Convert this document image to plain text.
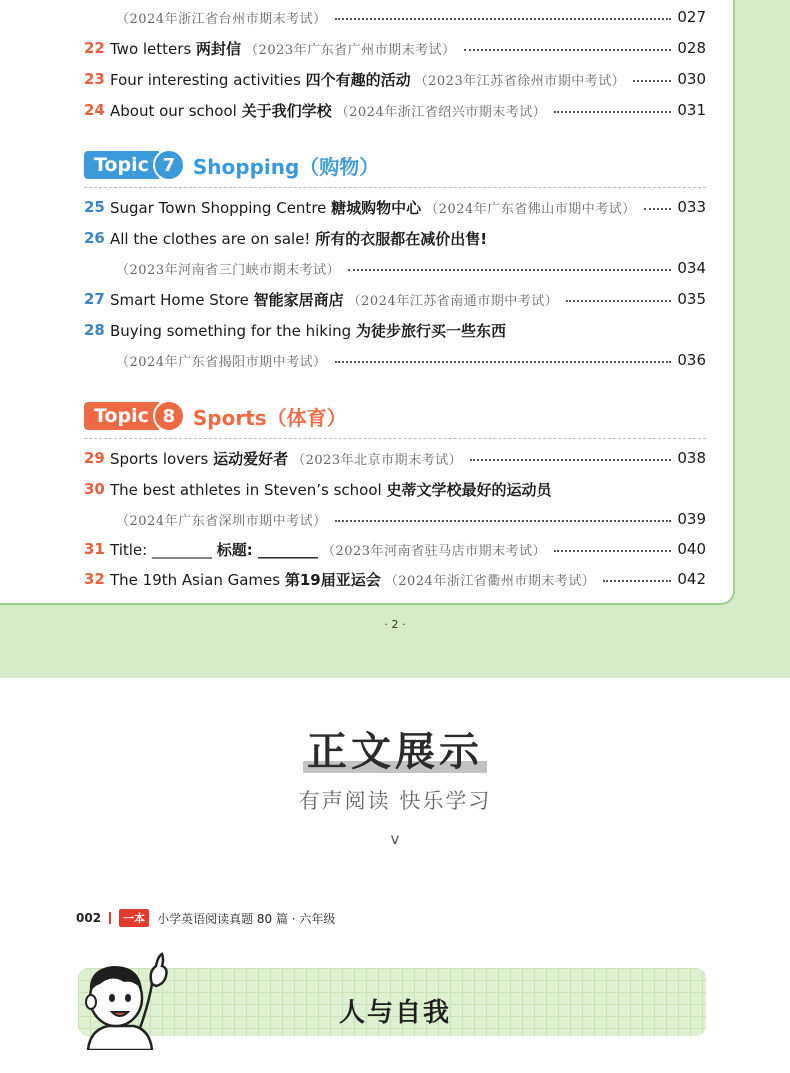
（2024年浙江省台州市期末考试）	027
22 Two letters 两封信 （2023年广东省广州市期末考试）	028
23 Four interesting activities 四个有趣的活动 （2023年江苏省徐州市期中考试）	030
24 About our school 关于我们学校 （2024年浙江省绍兴市期末考试）	031
Topic 7 Shopping（购物）
25 Sugar Town Shopping Centre 糖城购物中心 （2024年广东省佛山市期中考试）	033
26 All the clothes are on sale! 所有的衣服都在减价出售!
（2023年河南省三门峡市期末考试）	034
27 Smart Home Store 智能家居商店 （2024年江苏省南通市期中考试）	035
28 Buying something for the hiking 为徒步旅行买一些东西
（2024年广东省揭阳市期中考试）	036
Topic 8 Sports（体育）
29 Sports lovers 运动爱好者 （2023年北京市期末考试）	038
30 The best athletes in Steven’s school 史蒂文学校最好的运动员
（2024年广东省深圳市期中考试）	039
31 Title: ________ 标题: ________ （2023年河南省驻马店市期末考试）	040
32 The 19th Asian Games 第19届亚运会 （2024年浙江省衢州市期末考试）	042
· 2 ·
正文展示
有声阅读 快乐学习
v
002	一本	小学英语阅读真题 80 篇 · 六年级
人与自我
